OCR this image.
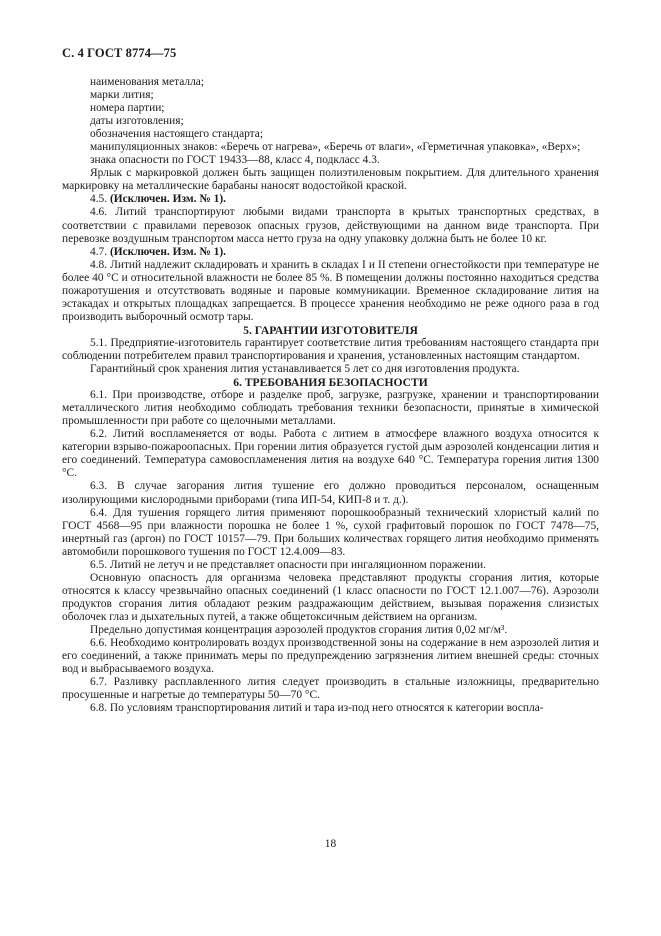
С. 4 ГОСТ 8774—75

наименования металла;

марки лития;

номера партии;

даты изготовления;

обозначения настоящего стандарта;

манипуляционных знаков: «Беречь от нагрева», «Беречь от влаги», «Герметичная упаковка», «Верх»;

знака опасности по ГОСТ 19433—88, класс 4, подкласс 4.3.

Ярлык с маркировкой должен быть защищен полиэтиленовым покрытием. Для длительного хранения маркировку на металлические барабаны наносят водостойкой краской.

4.5. (Исключен. Изм. № 1).

4.6. Литий транспортируют любыми видами транспорта в крытых транспортных средствах, в соответствии с правилами перевозок опасных грузов, действующими на данном виде транспорта. При перевозке воздушным транспортом масса нетто груза на одну упаковку должна быть не более 10 кг.

4.7. (Исключен. Изм. № 1).

4.8. Литий надлежит складировать и хранить в складах I и II степени огнестойкости при температуре не более 40 °С и относительной влажности не более 85 %. В помещении должны постоянно находиться средства пожаротушения и отсутствовать водяные и паровые коммуникации. Временное складирование лития на эстакадах и открытых площадках запрещается. В процессе хранения необходимо не реже одного раза в год производить выборочный осмотр тары.

5. ГАРАНТИИ ИЗГОТОВИТЕЛЯ

5.1. Предприятие-изготовитель гарантирует соответствие лития требованиям настоящего стандарта при соблюдении потребителем правил транспортирования и хранения, установленных настоящим стандартом.

Гарантийный срок хранения лития устанавливается 5 лет со дня изготовления продукта.

6. ТРЕБОВАНИЯ БЕЗОПАСНОСТИ

6.1. При производстве, отборе и разделке проб, загрузке, разгрузке, хранении и транспортировании металлического лития необходимо соблюдать требования техники безопасности, принятые в химической промышленности при работе со щелочными металлами.

6.2. Литий воспламеняется от воды. Работа с литием в атмосфере влажного воздуха относится к категории взрыво-пожароопасных. При горении лития образуется густой дым аэрозолей конденсации лития и его соединений. Температура самовоспламенения лития на воздухе 640 °С. Температура горения лития 1300 °С.

6.3. В случае загорания лития тушение его должно проводиться персоналом, оснащенным изолирующими кислородными приборами (типа ИП-54, КИП-8 и т. д.).

6.4. Для тушения горящего лития применяют порошкообразный технический хлористый калий по ГОСТ 4568—95 при влажности порошка не более 1 %, сухой графитовый порошок по ГОСТ 7478—75, инертный газ (аргон) по ГОСТ 10157—79. При больших количествах горящего лития необходимо применять автомобили порошкового тушения по ГОСТ 12.4.009—83.

6.5. Литий не летуч и не представляет опасности при ингаляционном поражении.

Основную опасность для организма человека представляют продукты сгорания лития, которые относятся к классу чрезвычайно опасных соединений (1 класс опасности по ГОСТ 12.1.007—76). Аэрозоли продуктов сгорания лития обладают резким раздражающим действием, вызывая поражения слизистых оболочек глаз и дыхательных путей, а также общетоксичным действием на организм.

Предельно допустимая концентрация аэрозолей продуктов сгорания лития 0,02 мг/м³.

6.6. Необходимо контролировать воздух производственной зоны на содержание в нем аэрозолей лития и его соединений, а также принимать меры по предупреждению загрязнения литием внешней среды: сточных вод и выбрасываемого воздуха.

6.7. Разливку расплавленного лития следует производить в стальные изложницы, предварительно просушенные и нагретые до температуры 50—70 °С.

6.8. По условиям транспортирования литий и тара из-под него относятся к категории воспла-

18
